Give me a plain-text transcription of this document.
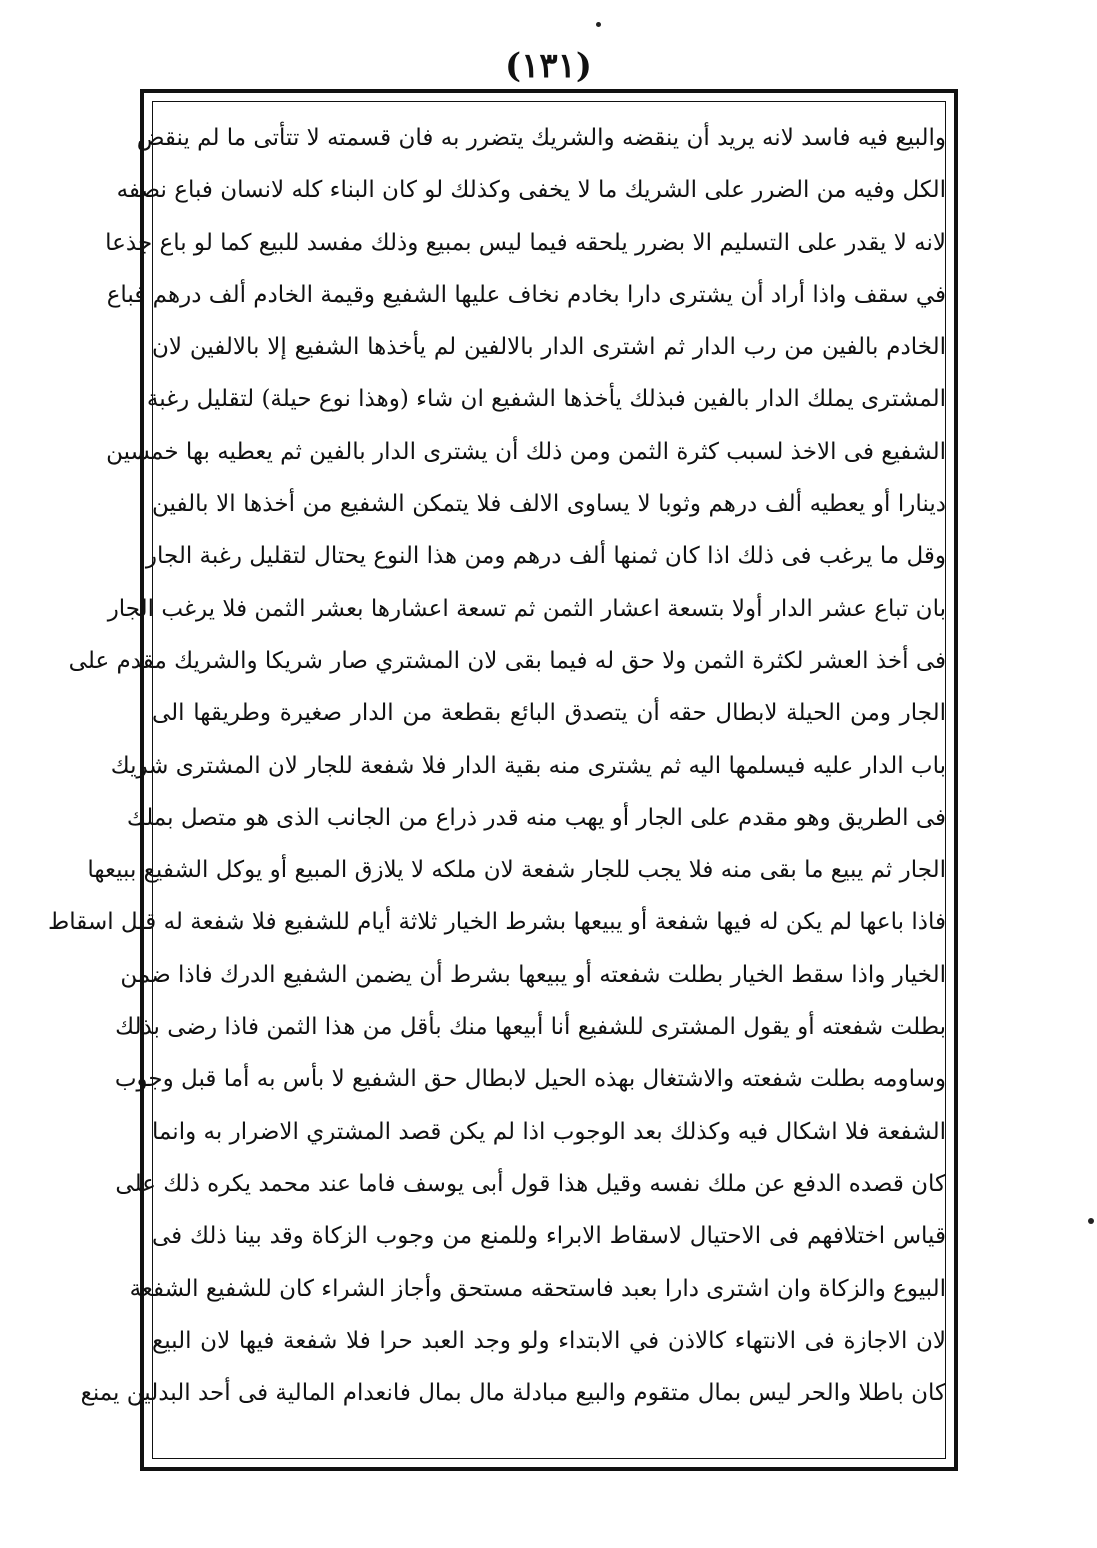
(١٣١)
والبيع فيه فاسد لانه يريد أن ينقضه والشريك يتضرر به فان قسمته لا تتأتى ما لم ينقض
الكل وفيه من الضرر على الشريك ما لا يخفى وكذلك لو كان البناء كله لانسان فباع نصفه
لانه لا يقدر على التسليم الا بضرر يلحقه فيما ليس بمبيع وذلك مفسد للبيع كما لو باع جذعا
في سقف واذا أراد أن يشترى دارا بخادم نخاف عليها الشفيع وقيمة الخادم ألف درهم فباع
الخادم بالفين من رب الدار ثم اشترى الدار بالالفين لم يأخذها الشفيع إلا بالالفين لان
المشترى يملك الدار بالفين فبذلك يأخذها الشفيع ان شاء (وهذا نوع حيلة) لتقليل رغبة
الشفيع فى الاخذ لسبب كثرة الثمن ومن ذلك أن يشترى الدار بالفين ثم يعطيه بها خمسين
دينارا أو يعطيه ألف درهم وثوبا لا يساوى الالف فلا يتمكن الشفيع من أخذها الا بالفين
وقل ما يرغب فى ذلك اذا كان ثمنها ألف درهم ومن هذا النوع يحتال لتقليل رغبة الجار
بان تباع عشر الدار أولا بتسعة اعشار الثمن ثم تسعة اعشارها بعشر الثمن فلا يرغب الجار
فى أخذ العشر لكثرة الثمن ولا حق له فيما بقى لان المشتري صار شريكا والشريك مقدم على
الجار ومن الحيلة لابطال حقه أن يتصدق البائع بقطعة من الدار صغيرة وطريقها الى
باب الدار عليه فيسلمها اليه ثم يشترى منه بقية الدار فلا شفعة للجار لان المشترى شريك
فى الطريق وهو مقدم على الجار أو يهب منه قدر ذراع من الجانب الذى هو متصل بملك
الجار ثم يبيع ما بقى منه فلا يجب للجار شفعة لان ملكه لا يلازق المبيع أو يوكل الشفيع ببيعها
فاذا باعها لم يكن له فيها شفعة أو يبيعها بشرط الخيار ثلاثة أيام للشفيع فلا شفعة له قبل اسقاط
الخيار واذا سقط الخيار بطلت شفعته أو يبيعها بشرط أن يضمن الشفيع الدرك فاذا ضمن
بطلت شفعته أو يقول المشترى للشفيع أنا أبيعها منك بأقل من هذا الثمن فاذا رضى بذلك
وساومه بطلت شفعته والاشتغال بهذه الحيل لابطال حق الشفيع لا بأس به أما قبل وجوب
الشفعة فلا اشكال فيه وكذلك بعد الوجوب اذا لم يكن قصد المشتري الاضرار به وانما
كان قصده الدفع عن ملك نفسه وقيل هذا قول أبى يوسف فاما عند محمد يكره ذلك على
قياس اختلافهم فى الاحتيال لاسقاط الابراء وللمنع من وجوب الزكاة وقد بينا ذلك فى
البيوع والزكاة وان اشترى دارا بعبد فاستحقه مستحق وأجاز الشراء كان للشفيع الشفعة
لان الاجازة فى الانتهاء كالاذن في الابتداء ولو وجد العبد حرا فلا شفعة فيها لان البيع
كان باطلا والحر ليس بمال متقوم والبيع مبادلة مال بمال فانعدام المالية فى أحد البدلين يمنع
